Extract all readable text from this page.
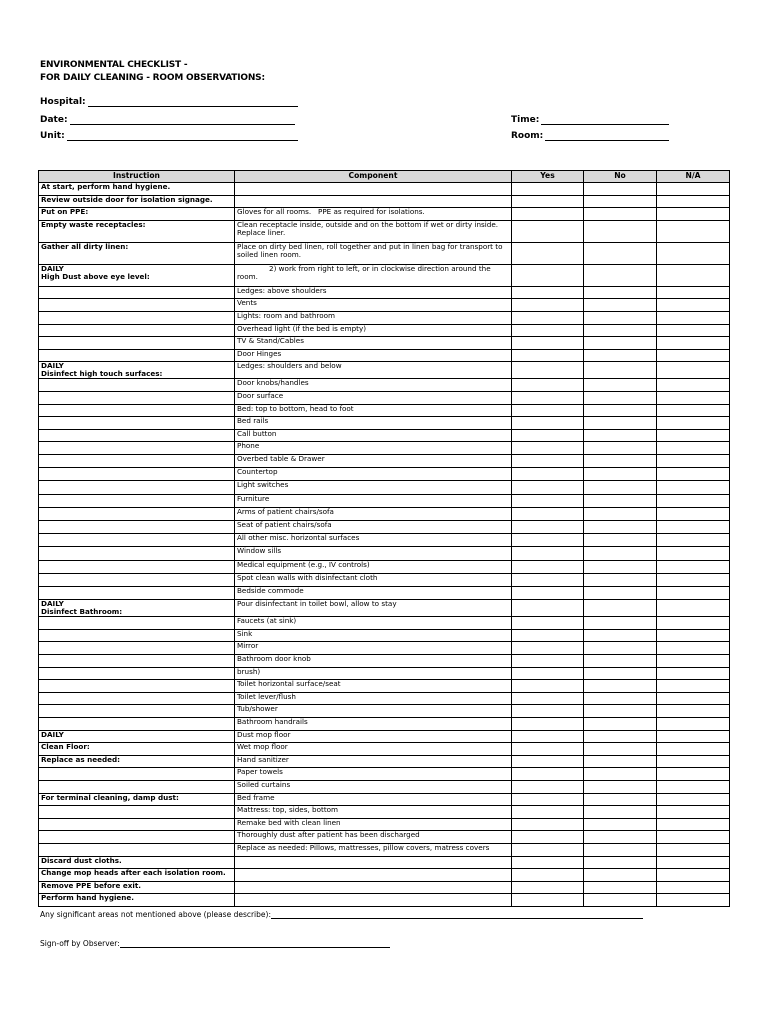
ENVIRONMENTAL CHECKLIST -
FOR DAILY CLEANING - ROOM OBSERVATIONS:
Hospital:
Date:
Unit:
Time:
Room:
Instruction	Component	Yes	No	N/A

At start, perform hand hygiene.				

Review outside door for isolation signage.				

Put on PPE:	Gloves for all rooms.   PPE as required for isolations.			

Empty waste receptacles:	Clean receptacle inside, outside and on the bottom if wet or dirty inside. Replace liner.			

Gather all dirty linen:	Place on dirty bed linen, roll together and put in linen bag for transport to soiled linen room.			

DAILY
High Dust above eye level:	2) work from right to left, or in clockwise direction around the room.			
	Ledges: above shoulders			
	Vents			
	Lights: room and bathroom			
	Overhead light (if the bed is empty)			
	TV & Stand/Cables			
	Door Hinges			

DAILY
Disinfect high touch surfaces:	Ledges: shoulders and below			
	Door knobs/handles			
	Door surface			
	Bed: top to bottom, head to foot			
	Bed rails			
	Call button			
	Phone			
	Overbed table & Drawer			
	Countertop			
	Light switches			
	Furniture			
	Arms of patient chairs/sofa			
	Seat of patient chairs/sofa			
	All other misc. horizontal surfaces			
	Window sills			
	Medical equipment (e.g., IV controls)			
	Spot clean walls with disinfectant cloth			
	Bedside commode			

DAILY
Disinfect Bathroom:	Pour disinfectant in toilet bowl, allow to stay			
	Faucets (at sink)			
	Sink			
	Mirror			
	Bathroom door knob			
	brush)			
	Toilet horizontal surface/seat			
	Toilet lever/flush			
	Tub/shower			
	Bathroom handrails			

DAILY	Dust mop floor			

Clean Floor:	Wet mop floor			

Replace as needed:	Hand sanitizer			
	Paper towels			
	Soiled curtains			

For terminal cleaning, damp dust:	Bed frame			
	Mattress: top, sides, bottom			
	Remake bed with clean linen			
	Thoroughly dust after patient has been discharged			
	Replace as needed: Pillows, mattresses, pillow covers, matress covers			

Discard dust cloths.				

Change mop heads after each isolation room.				

Remove PPE before exit.				

Perform hand hygiene.				

Any significant areas not mentioned above (please describe):
Sign-off by Observer:
